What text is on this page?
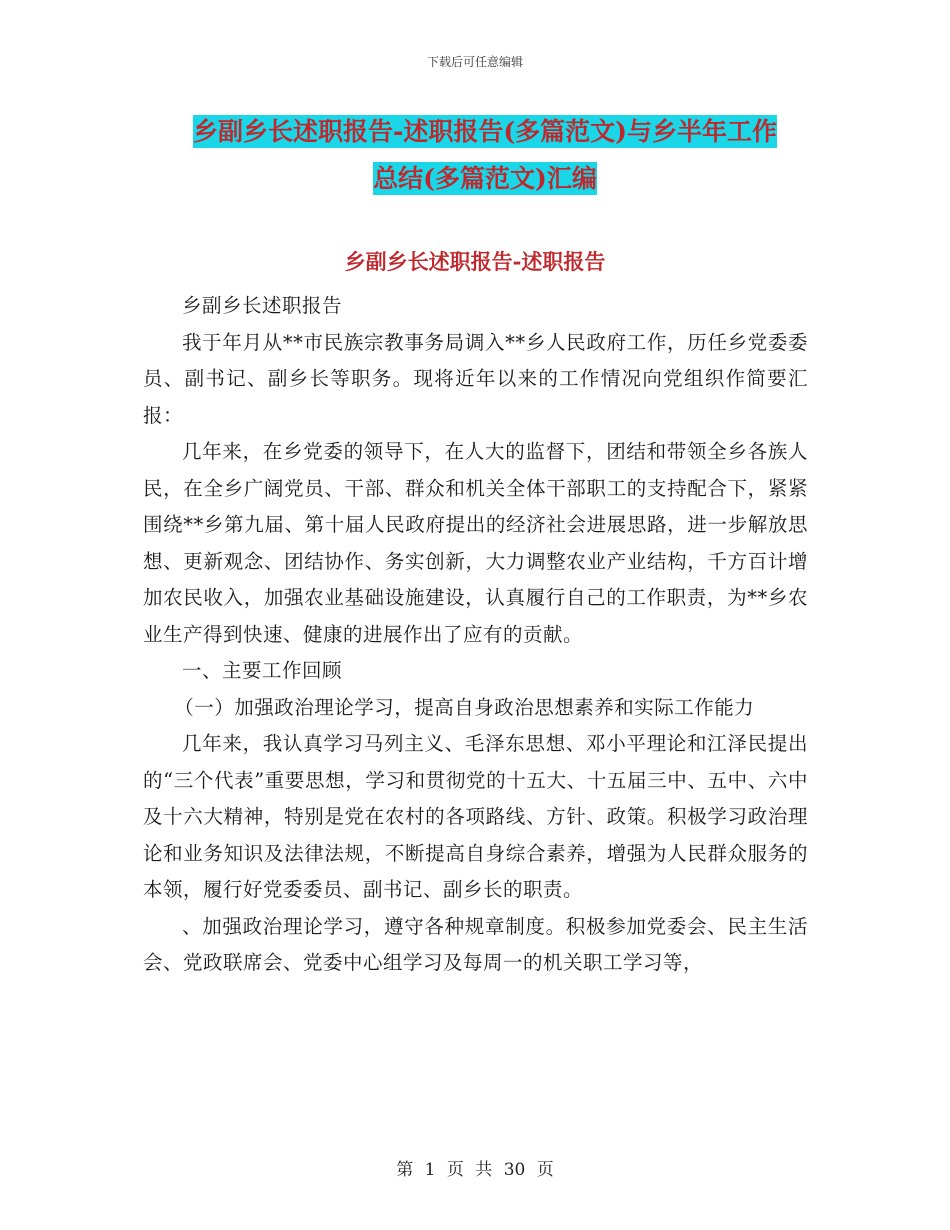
下载后可任意编辑
乡副乡长述职报告-述职报告(多篇范文)与乡半年工作
总结(多篇范文)汇编
乡副乡长述职报告-述职报告

乡副乡长述职报告

我于年月从**市民族宗教事务局调入**乡人民政府工作，历任乡党委委员、副书记、副乡长等职务。现将近年以来的工作情况向党组织作简要汇报：

几年来，在乡党委的领导下，在人大的监督下，团结和带领全乡各族人民，在全乡广阔党员、干部、群众和机关全体干部职工的支持配合下，紧紧围绕**乡第九届、第十届人民政府提出的经济社会进展思路，进一步解放思想、更新观念、团结协作、务实创新，大力调整农业产业结构，千方百计增加农民收入，加强农业基础设施建设，认真履行自己的工作职责，为**乡农业生产得到快速、健康的进展作出了应有的贡献。

一、主要工作回顾

（一）加强政治理论学习，提高自身政治思想素养和实际工作能力

几年来，我认真学习马列主义、毛泽东思想、邓小平理论和江泽民提出的“三个代表”重要思想，学习和贯彻党的十五大、十五届三中、五中、六中及十六大精神，特别是党在农村的各项路线、方针、政策。积极学习政治理论和业务知识及法律法规，不断提高自身综合素养，增强为人民群众服务的本领，履行好党委委员、副书记、副乡长的职责。

、加强政治理论学习，遵守各种规章制度。积极参加党委会、民主生活会、党政联席会、党委中心组学习及每周一的机关职工学习等，

第 1 页 共 30 页
